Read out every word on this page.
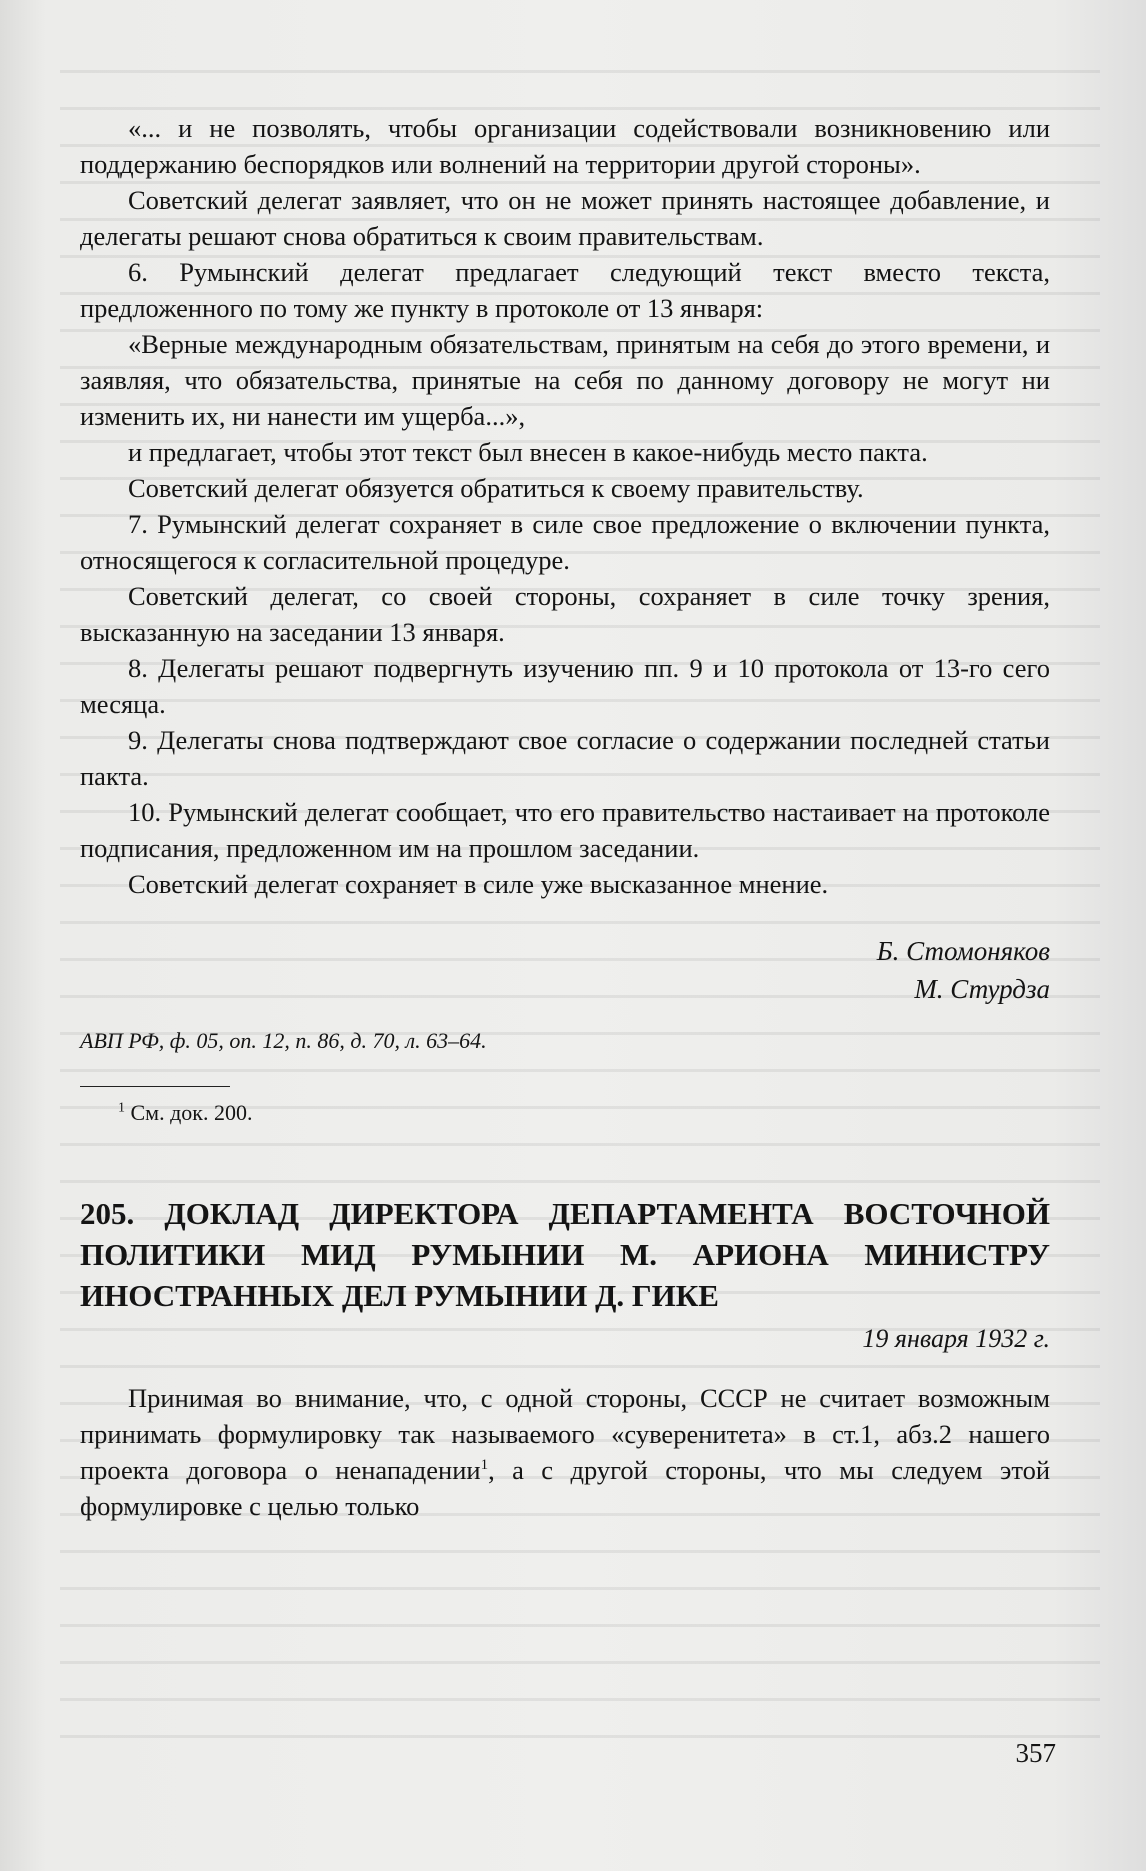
«... и не позволять, чтобы организации содействовали возникновению или поддержанию беспорядков или волнений на территории другой стороны».

Советский делегат заявляет, что он не может принять настоящее добавление, и делегаты решают снова обратиться к своим правительствам.

6. Румынский делегат предлагает следующий текст вместо текста, предложенного по тому же пункту в протоколе от 13 января:

«Верные международным обязательствам, принятым на себя до этого времени, и заявляя, что обязательства, принятые на себя по данному договору не могут ни изменить их, ни нанести им ущерба...»,

и предлагает, чтобы этот текст был внесен в какое-нибудь место пакта.

Советский делегат обязуется обратиться к своему правительству.

7. Румынский делегат сохраняет в силе свое предложение о включении пункта, относящегося к согласительной процедуре.

Советский делегат, со своей стороны, сохраняет в силе точку зрения, высказанную на заседании 13 января.

8. Делегаты решают подвергнуть изучению пп. 9 и 10 протокола от 13-го сего месяца.

9. Делегаты снова подтверждают свое согласие о содержании последней статьи пакта.

10. Румынский делегат сообщает, что его правительство настаивает на протоколе подписания, предложенном им на прошлом заседании.

Советский делегат сохраняет в силе уже высказанное мнение.

Б. Стомоняков
М. Стурдза
АВП РФ, ф. 05, оп. 12, п. 86, д. 70, л. 63–64.
$^1$ См. док. 200.
205. ДОКЛАД ДИРЕКТОРА ДЕПАРТАМЕНТА ВОСТОЧНОЙ ПОЛИТИКИ МИД РУМЫНИИ М. АРИОНА МИНИСТРУ ИНОСТРАННЫХ ДЕЛ РУМЫНИИ Д. ГИКЕ
19 января 1932 г.

Принимая во внимание, что, с одной стороны, СССР не считает возможным принимать формулировку так называемого «суверенитета» в ст.1, абз.2 нашего проекта договора о ненападении$^1$, а с другой стороны, что мы следуем этой формулировке с целью только

357
